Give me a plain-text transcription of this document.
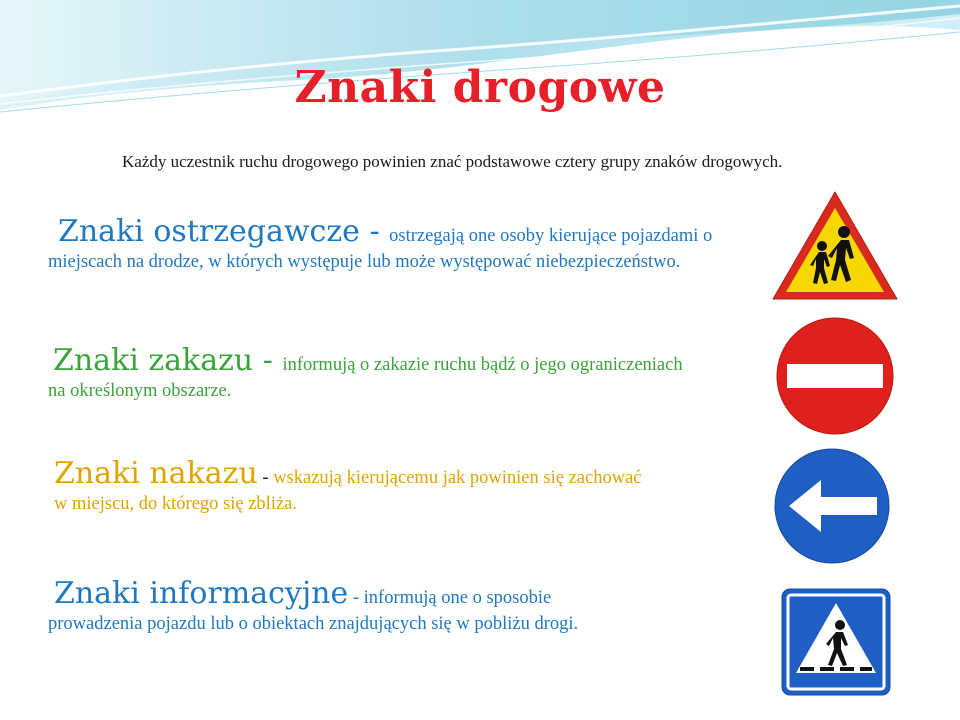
Znaki drogowe
Każdy uczestnik ruchu drogowego powinien znać podstawowe cztery grupy znaków drogowych.
Znaki ostrzegawcze - ostrzegają one osoby kierujące pojazdami o miejscach na drodze, w których występuje lub może występować niebezpieczeństwo.
Znaki zakazu - informują o zakazie ruchu bądź o jego ograniczeniach na określonym obszarze.
Znaki nakazu - wskazują kierującemu jak powinien się zachować w miejscu, do którego się zbliża.
Znaki informacyjne - informują one o sposobie prowadzenia pojazdu lub o obiektach znajdujących się w pobliżu drogi.
